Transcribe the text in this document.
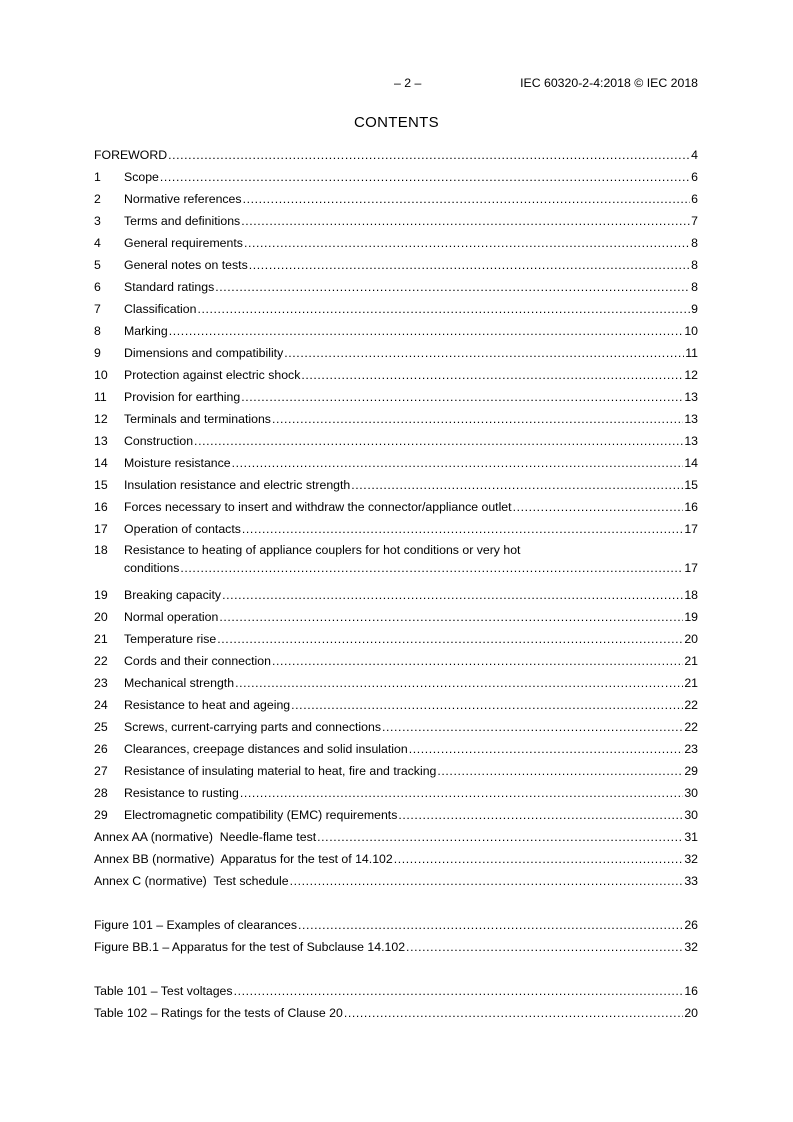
– 2 –	IEC 60320-2-4:2018 © IEC 2018
CONTENTS
FOREWORD .....	4
1	Scope .....	6
2	Normative references .....	6
3	Terms and definitions .....	7
4	General requirements .....	8
5	General notes on tests .....	8
6	Standard ratings .....	8
7	Classification .....	9
8	Marking .....	10
9	Dimensions and compatibility .....	11
10	Protection against electric shock .....	12
11	Provision for earthing .....	13
12	Terminals and terminations .....	13
13	Construction .....	13
14	Moisture resistance .....	14
15	Insulation resistance and electric strength .....	15
16	Forces necessary to insert and withdraw the connector/appliance outlet .....	16
17	Operation of contacts .....	17
18	Resistance to heating of appliance couplers for hot conditions or very hot
conditions .....	17
19	Breaking capacity .....	18
20	Normal operation .....	19
21	Temperature rise .....	20
22	Cords and their connection .....	21
23	Mechanical strength .....	21
24	Resistance to heat and ageing .....	22
25	Screws, current-carrying parts and connections .....	22
26	Clearances, creepage distances and solid insulation .....	23
27	Resistance of insulating material to heat, fire and tracking .....	29
28	Resistance to rusting .....	30
29	Electromagnetic compatibility (EMC) requirements .....	30
Annex AA (normative)  Needle-flame test .....	31
Annex BB (normative)  Apparatus for the test of 14.102 .....	32
Annex C (normative)  Test schedule .....	33
Figure 101 – Examples of clearances .....	26
Figure BB.1 – Apparatus for the test of Subclause 14.102 .....	32
Table 101 – Test voltages .....	16
Table 102 – Ratings for the tests of Clause 20 .....	20
